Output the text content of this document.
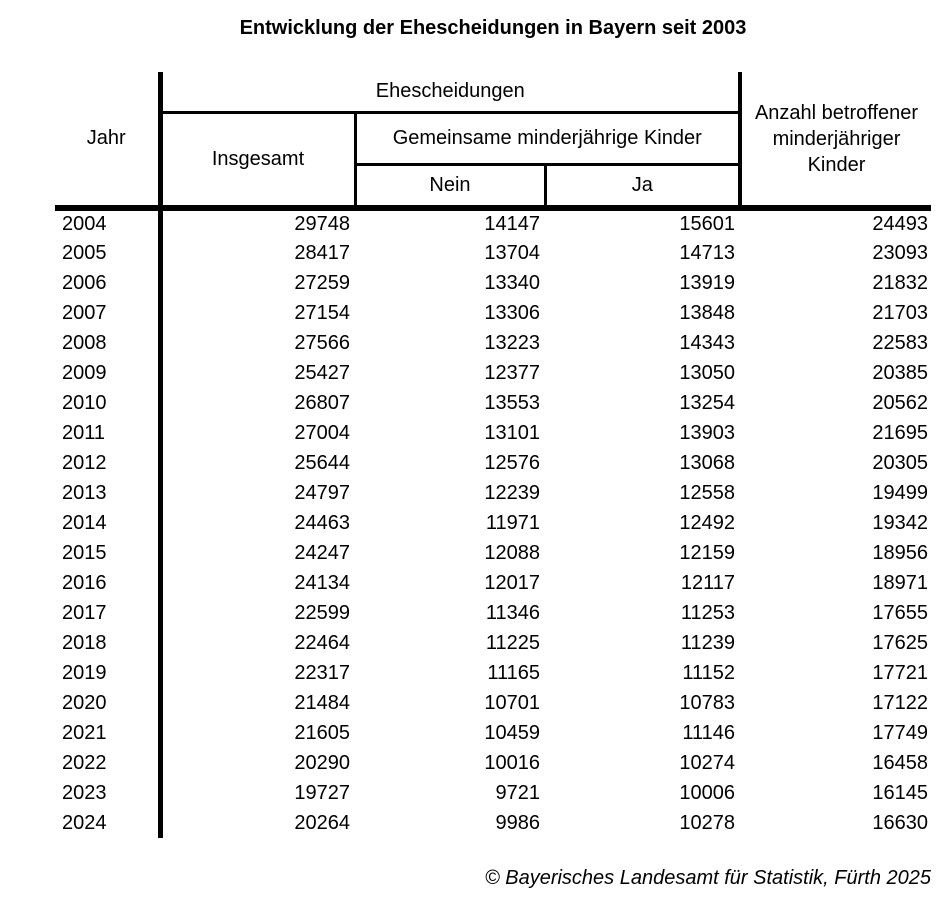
Entwicklung der Ehescheidungen in Bayern seit 2003
Jahr	Ehescheidungen			Anzahl betroffener
minderjähriger
Kinder

	Insgesamt	Gemeinsame minderjährige Kinder		
		Nein	Ja	
2004	29748	14147	15601	24493
2005	28417	13704	14713	23093
2006	27259	13340	13919	21832
2007	27154	13306	13848	21703
2008	27566	13223	14343	22583
2009	25427	12377	13050	20385
2010	26807	13553	13254	20562
2011	27004	13101	13903	21695
2012	25644	12576	13068	20305
2013	24797	12239	12558	19499
2014	24463	11971	12492	19342
2015	24247	12088	12159	18956
2016	24134	12017	12117	18971
2017	22599	11346	11253	17655
2018	22464	11225	11239	17625
2019	22317	11165	11152	17721
2020	21484	10701	10783	17122
2021	21605	10459	11146	17749
2022	20290	10016	10274	16458
2023	19727	9721	10006	16145
2024	20264	9986	10278	16630
© Bayerisches Landesamt für Statistik, Fürth 2025
